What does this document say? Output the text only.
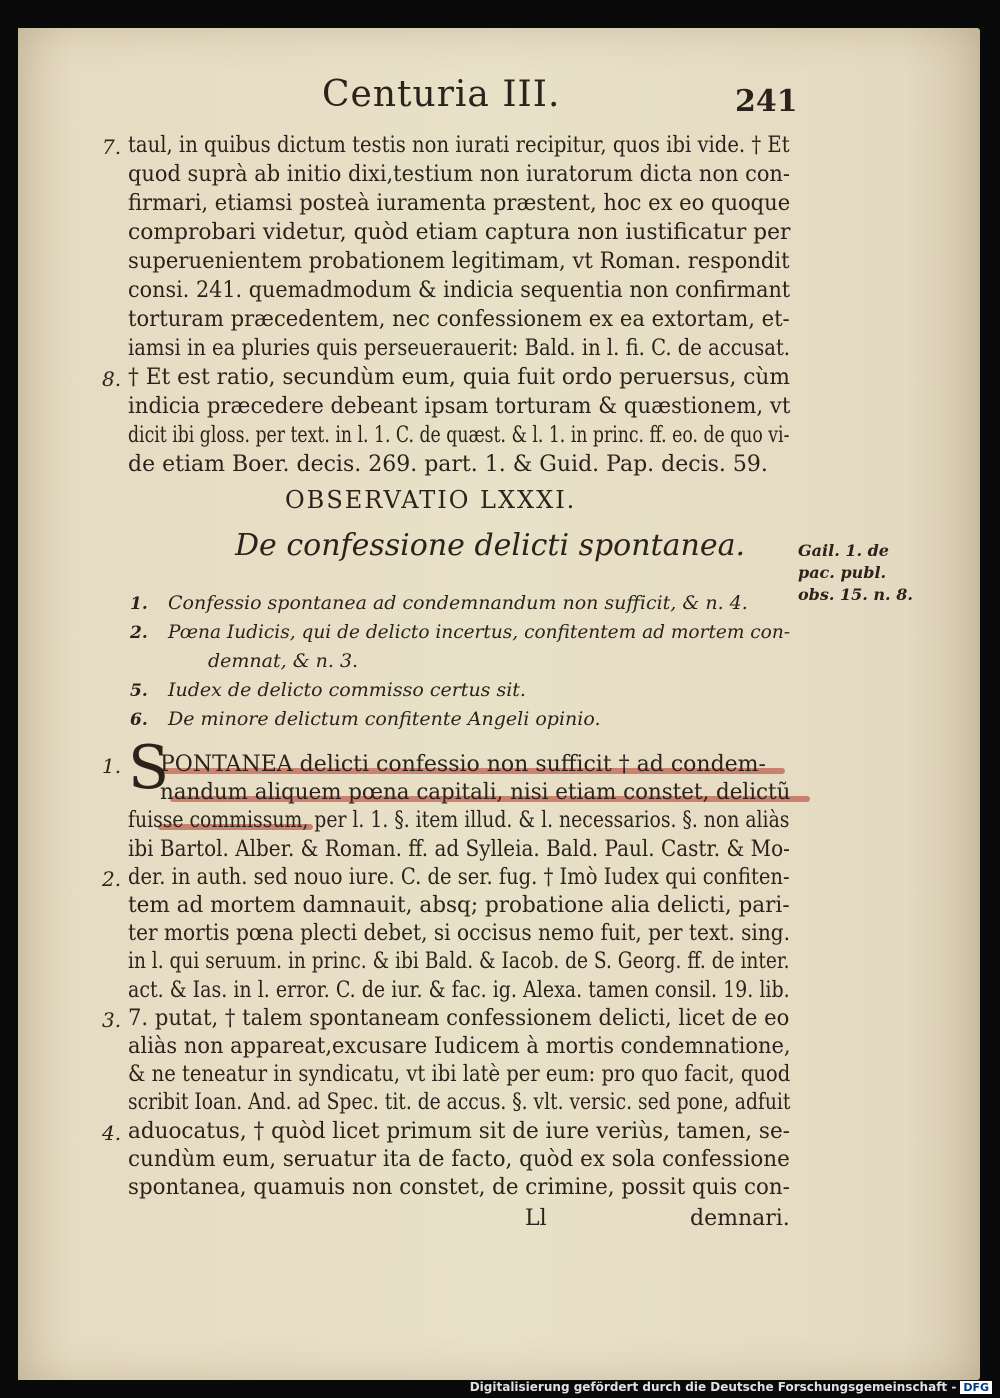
Centuria III.	241
7. taul, in quibus dictum testis non iurati recipitur, quos ibi vide. † Et
quod suprà ab initio dixi,testium non iuratorum dicta non con-
firmari, etiamsi posteà iuramenta præstent, hoc ex eo quoque
comprobari videtur, quòd etiam captura non iustificatur per
superuenientem probationem legitimam, vt Roman. respondit
consi. 241. quemadmodum & indicia sequentia non confirmant
torturam præcedentem, nec confessionem ex ea extortam, et-
iamsi in ea pluries quis perseuerauerit: Bald. in l. fi. C. de accusat.
8. † Et est ratio, secundùm eum, quia fuit ordo peruersus, cùm
indicia præcedere debeant ipsam torturam & quæstionem, vt
dicit ibi gloss. per text. in l. 1. C. de quæst. & l. 1. in princ. ff. eo. de quo vi-
de etiam Boer. decis. 269. part. 1. & Guid. Pap. decis. 59.
OBSERVATIO LXXXI.
De confessione delicti spontanea.	Gail. 1. de
pac. publ.
obs. 15. n. 8.
1. Confessio spontanea ad condemnandum non sufficit, & n. 4.
2. Pœna Iudicis, qui de delicto incertus, confitentem ad mortem con-
demnat, & n. 3.
5. Iudex de delicto commisso certus sit.
6. De minore delictum confitente Angeli opinio.
S
1. PONTANEA delicti confessio non sufficit † ad condem-
nandum aliquem pœna capitali, nisi etiam constet, delictũ
fuisse commissum, per l. 1. §. item illud. & l. necessarios. §. non aliàs
ibi Bartol. Alber. & Roman. ff. ad Sylleia. Bald. Paul. Castr. & Mo-
2. der. in auth. sed nouo iure. C. de ser. fug. † Imò Iudex qui confiten-
tem ad mortem damnauit, absq; probatione alia delicti, pari-
ter mortis pœna plecti debet, si occisus nemo fuit, per text. sing.
in l. qui seruum. in princ. & ibi Bald. & Iacob. de S. Georg. ff. de inter.
act. & Ias. in l. error. C. de iur. & fac. ig. Alexa. tamen consil. 19. lib.
3. 7. putat, † talem spontaneam confessionem delicti, licet de eo
aliàs non appareat,excusare Iudicem à mortis condemnatione,
& ne teneatur in syndicatu, vt ibi latè per eum: pro quo facit, quod
scribit Ioan. And. ad Spec. tit. de accus. §. vlt. versic. sed pone, adfuit
4. aduocatus, † quòd licet primum sit de iure veriùs, tamen, se-
cundùm eum, seruatur ita de facto, quòd ex sola confessione
spontanea, quamuis non constet, de crimine, possit quis con-
Ll	demnari.
Digitalisierung gefördert durch die Deutsche Forschungsgemeinschaft - DFG
